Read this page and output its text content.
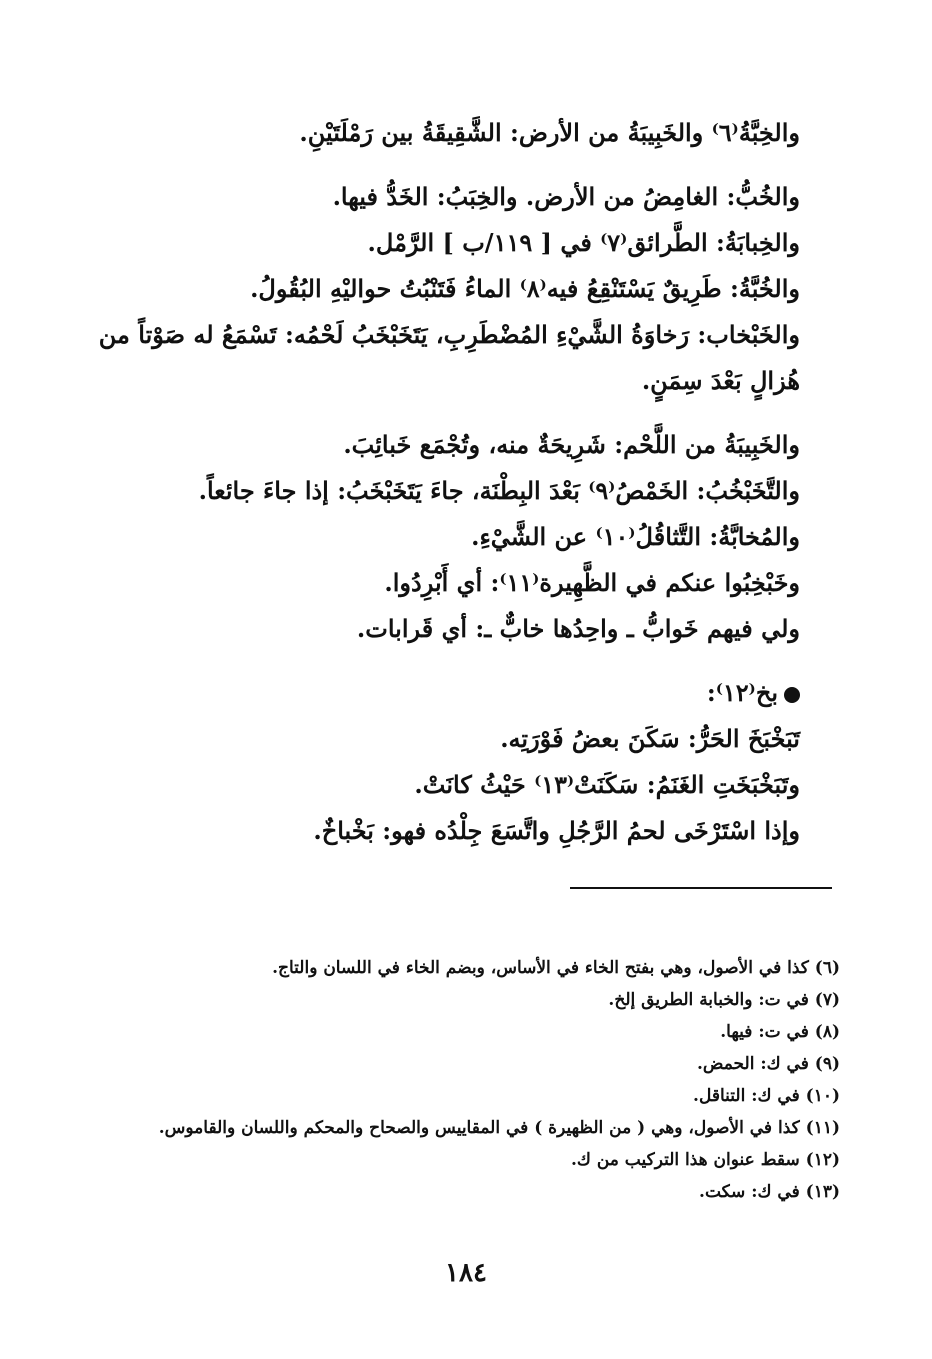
والخِبَّةُ⁽٦⁾ والخَبِيبَةُ من الأرض: الشَّقِيقَةُ بين رَمْلَتَيْنِ.
والخُبُّ: الغامِضُ من الأرض. والخِبَبُ: الخَدُّ فيها.
والخِبابَةُ: الطَّرائق⁽٧⁾ في [ ١١٩/ب ] الرَّمْل.
والخُبَّةُ: طَرِيقٌ يَسْتَنْقِعُ فيه⁽٨⁾ الماءُ فَتَنْبُتُ حواليْهِ البُقُولُ.
والخَبْخاب: رَخاوَةُ الشَّيْءِ المُضْطَرِبِ، يَتَخَبْخَبُ لَحْمُه: تَسْمَعُ له صَوْتاً من
هُزالٍ بَعْدَ سِمَنٍ.
والخَبِيبَةُ من اللَّحْم: شَرِيحَةٌ منه، وتُجْمَع خَبائِبَ.
والتَّخَبْخُبُ: الخَمْصُ⁽٩⁾ بَعْدَ البِطْنَة، جاءَ يَتَخَبْخَبُ: إذا جاءَ جائعاً.
والمُخابَّةُ: التَّثاقُلُ⁽١٠⁾ عن الشَّيْءِ.
وخَبْخِبُوا عنكم في الظَّهِيرة⁽١١⁾: أي أَبْرِدُوا.
ولي فيهم خَوابُّ ـ واحِدُها خابٌّ ـ: أي قَرابات.
بخ⁽١٢⁾:
تَبَخْبَخَ الحَرُّ: سَكَنَ بعضُ فَوْرَتِه.
وتَبَخْبَخَتِ الغَنَمُ: سَكَنَتْ⁽١٣⁾ حَيْثُ كانَتْ.
وإذا اسْتَرْخَى لحمُ الرَّجُلِ واتَّسَعَ جِلْدُه فهو: بَخْباخٌ.
(٦) كذا في الأصول، وهي بفتح الخاء في الأساس، وبضم الخاء في اللسان والتاج.
(٧) في ت: والخبابة الطريق إلخ.
(٨) في ت: فيها.
(٩) في ك: الحمض.
(١٠) في ك: التناقل.
(١١) كذا في الأصول، وهي ( من الظهيرة ) في المقاييس والصحاح والمحكم واللسان والقاموس.
(١٢) سقط عنوان هذا التركيب من ك.
(١٣) في ك: سكت.
١٨٤
